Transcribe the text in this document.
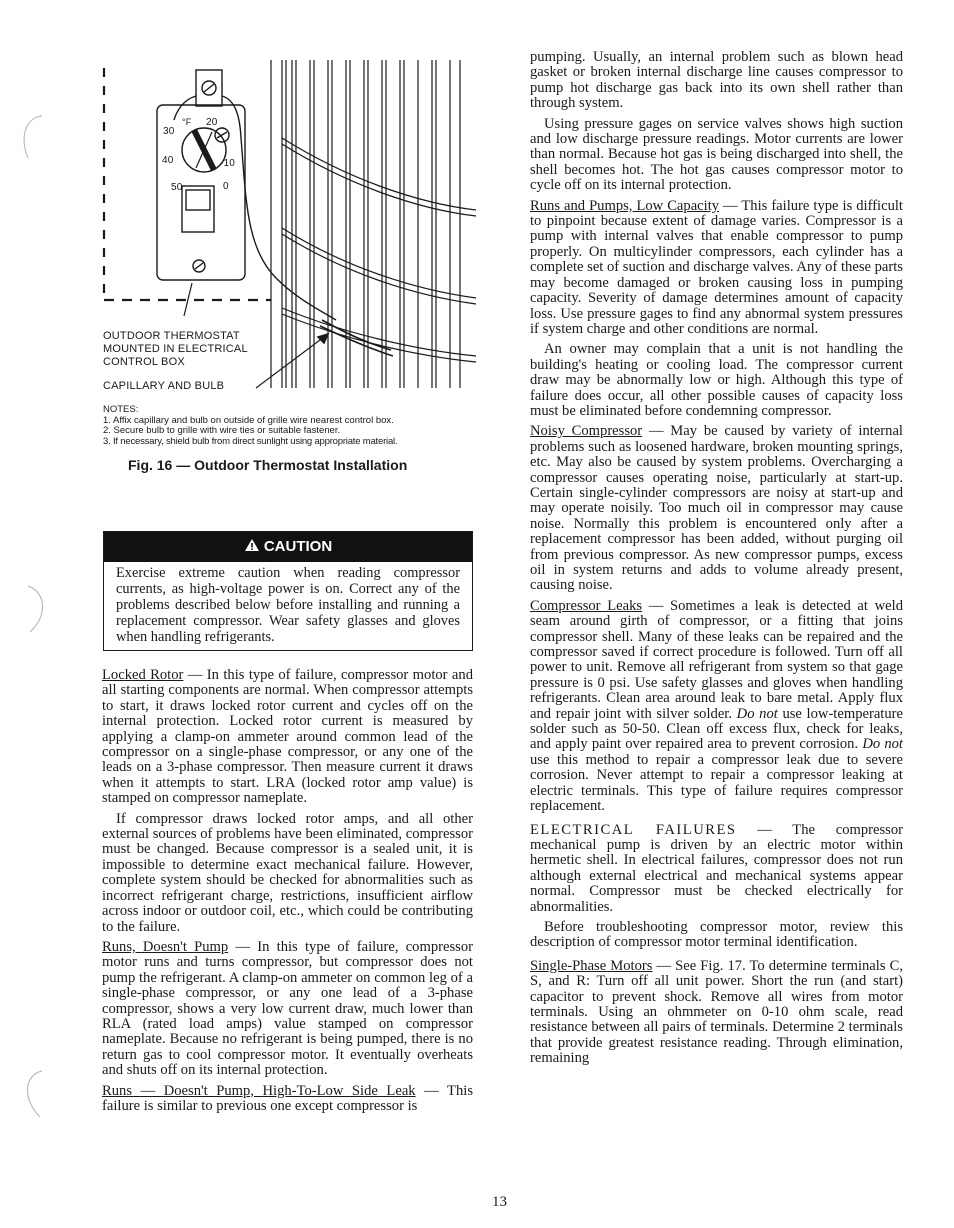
30
°F 20
40	-10
50	0
OUTDOOR THERMOSTAT
MOUNTED IN ELECTRICAL
CONTROL BOX
CAPILLARY AND BULB
NOTES:
1. Affix capillary and bulb on outside of grille wire nearest control box.
2. Secure bulb to grille with wire ties or suitable fastener.
3. If necessary, shield bulb from direct sunlight using appropriate material.
Fig. 16 — Outdoor Thermostat Installation
CAUTION
Exercise extreme caution when reading compressor currents, as high-voltage power is on. Correct any of the problems described below before installing and running a replacement compressor. Wear safety glasses and gloves when handling refrigerants.

Locked Rotor — In this type of failure, compressor motor and all starting components are normal. When compressor attempts to start, it draws locked rotor current and cycles off on the internal protection. Locked rotor current is measured by applying a clamp-on ammeter around common lead of the compressor on a single-phase compressor, or any one of the leads on a 3-phase compressor. Then measure current it draws when it attempts to start. LRA (locked rotor amp value) is stamped on compressor nameplate.

If compressor draws locked rotor amps, and all other external sources of problems have been eliminated, compressor must be changed. Because compressor is a sealed unit, it is impossible to determine exact mechanical failure. However, complete system should be checked for abnormalities such as incorrect refrigerant charge, restrictions, insufficient airflow across indoor or outdoor coil, etc., which could be contributing to the failure.

Runs, Doesn't Pump — In this type of failure, compressor motor runs and turns compressor, but compressor does not pump the refrigerant. A clamp-on ammeter on common leg of a single-phase compressor, or any one lead of a 3-phase compressor, shows a very low current draw, much lower than RLA (rated load amps) value stamped on compressor nameplate. Because no refrigerant is being pumped, there is no return gas to cool compressor motor. It eventually overheats and shuts off on its internal protection.

Runs — Doesn't Pump, High-To-Low Side Leak — This failure is similar to previous one except compressor is

pumping. Usually, an internal problem such as blown head gasket or broken internal discharge line causes compressor to pump hot discharge gas back into its own shell rather than through system.

Using pressure gages on service valves shows high suction and low discharge pressure readings. Motor currents are lower than normal. Because hot gas is being discharged into shell, the shell becomes hot. The hot gas causes compressor motor to cycle off on its internal protection.

Runs and Pumps, Low Capacity — This failure type is difficult to pinpoint because extent of damage varies. Compressor is a pump with internal valves that enable compressor to pump properly. On multicylinder compressors, each cylinder has a complete set of suction and discharge valves. Any of these parts may become damaged or broken causing loss in pumping capacity. Severity of damage determines amount of capacity loss. Use pressure gages to find any abnormal system pressures if system charge and other conditions are normal.

An owner may complain that a unit is not handling the building's heating or cooling load. The compressor current draw may be abnormally low or high. Although this type of failure does occur, all other possible causes of capacity loss must be eliminated before condemning compressor.

Noisy Compressor — May be caused by variety of internal problems such as loosened hardware, broken mounting springs, etc. May also be caused by system problems. Overcharging a compressor causes operating noise, particularly at start-up. Certain single-cylinder compressors are noisy at start-up and may operate noisily. Too much oil in compressor may cause noise. Normally this problem is encountered only after a replacement compressor has been added, without purging oil from previous compressor. As new compressor pumps, excess oil in system returns and adds to volume already present, causing noise.

Compressor Leaks — Sometimes a leak is detected at weld seam around girth of compressor, or a fitting that joins compressor shell. Many of these leaks can be repaired and the compressor saved if correct procedure is followed. Turn off all power to unit. Remove all refrigerant from system so that gage pressure is 0 psi. Use safety glasses and gloves when handling refrigerants. Clean area around leak to bare metal. Apply flux and repair joint with silver solder. Do not use low-temperature solder such as 50-50. Clean off excess flux, check for leaks, and apply paint over repaired area to prevent corrosion. Do not use this method to repair a compressor leak due to severe corrosion. Never attempt to repair a compressor leaking at electric terminals. This type of failure requires compressor replacement.

ELECTRICAL FAILURES — The compressor mechanical pump is driven by an electric motor within hermetic shell. In electrical failures, compressor does not run although external electrical and mechanical systems appear normal. Compressor must be checked electrically for abnormalities.

Before troubleshooting compressor motor, review this description of compressor motor terminal identification.

Single-Phase Motors — See Fig. 17. To determine terminals C, S, and R: Turn off all unit power. Short the run (and start) capacitor to prevent shock. Remove all wires from motor terminals. Using an ohmmeter on 0-10 ohm scale, read resistance between all pairs of terminals. Determine 2 terminals that provide greatest resistance reading. Through elimination, remaining

13
